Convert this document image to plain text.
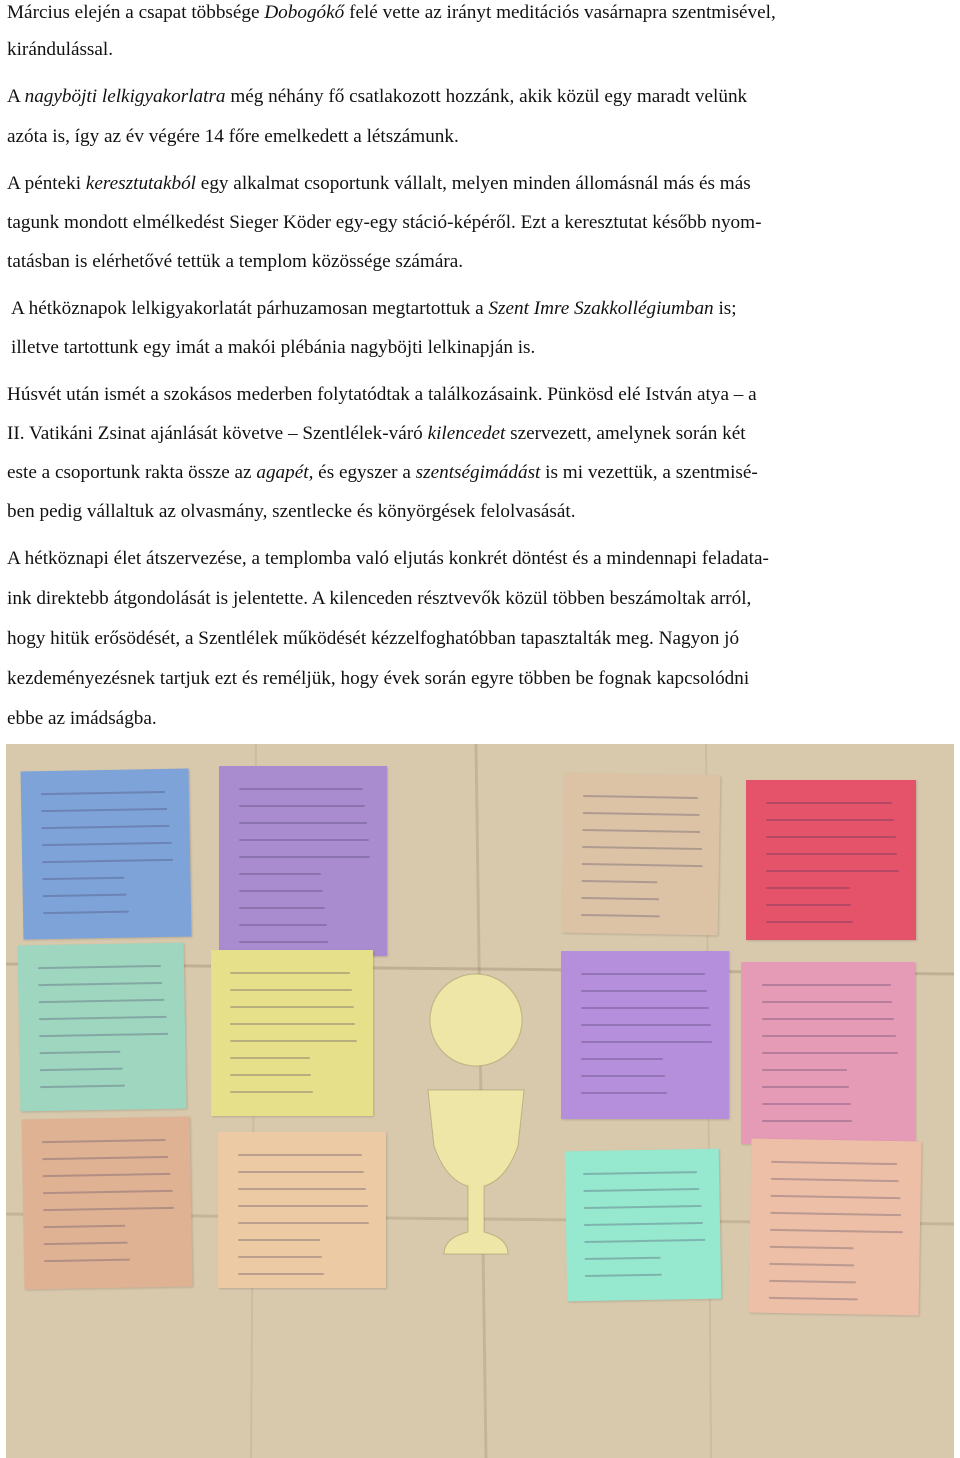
Március elején a csapat többsége Dobogókő felé vette az irányt meditációs vasárnapra szentmisével,
kirándulással.
A nagyböjti lelkigyakorlatra még néhány fő csatlakozott hozzánk, akik közül egy maradt velünk
azóta is, így az év végére 14 főre emelkedett a létszámunk.
A pénteki keresztutakból egy alkalmat csoportunk vállalt, melyen minden állomásnál más és más
tagunk mondott elmélkedést Sieger Köder egy-egy stáció-képéről. Ezt a keresztutat később nyom-
tatásban is elérhetővé tettük a templom közössége számára.
A hétköznapok lelkigyakorlatát párhuzamosan megtartottuk a Szent Imre Szakkollégiumban is;
illetve tartottunk egy imát a makói plébánia nagyböjti lelkinapján is.
Húsvét után ismét a szokásos mederben folytatódtak a találkozásaink. Pünkösd elé István atya – a
II. Vatikáni Zsinat ajánlását követve – Szentlélek-váró kilencedet szervezett, amelynek során két
este a csoportunk rakta össze az agapét, és egyszer a szentségimádást is mi vezettük, a szentmisé-
ben pedig vállaltuk az olvasmány, szentlecke és könyörgések felolvasását.
A hétköznapi élet átszervezése, a templomba való eljutás konkrét döntést és a mindennapi feladata-
ink direktebb átgondolását is jelentette. A kilenceden résztvevők közül többen beszámoltak arról,
hogy hitük erősödését, a Szentlélek működését kézzelfoghatóbban tapasztalták meg. Nagyon jó
kezdeményezésnek tartjuk ezt és reméljük, hogy évek során egyre többen be fognak kapcsolódni
ebbe az imádságba.
